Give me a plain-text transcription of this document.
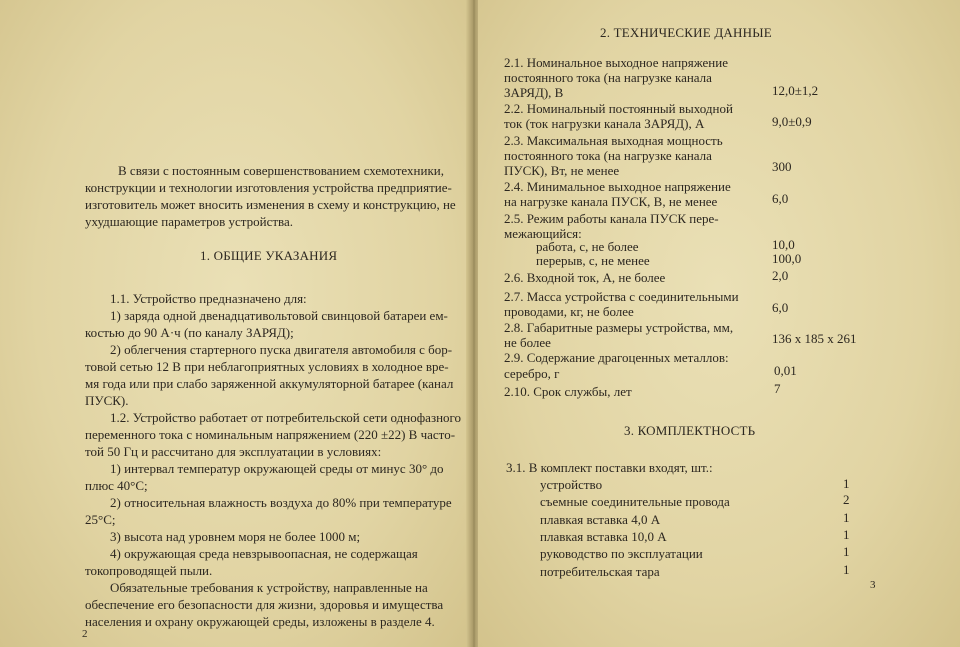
В связи с постоянным совершенствованием схемотехники,
конструкции и технологии изготовления устройства предприятие-
изготовитель может вносить изменения в схему и конструкцию, не
ухудшающие параметров устройства.
1. ОБЩИЕ УКАЗАНИЯ
1.1. Устройство предназначено для:
1) заряда одной двенадцативольтовой свинцовой батареи ем-
костью до 90 А·ч (по каналу ЗАРЯД);
2) облегчения стартерного пуска двигателя автомобиля с бор-
товой сетью 12 В при неблагоприятных условиях в холодное вре-
мя года или при слабо заряженной аккумуляторной батарее (канал
ПУСК).
1.2. Устройство работает от потребительской сети однофазного
переменного тока с номинальным напряжением (220 ±22) В часто-
той 50 Гц и рассчитано для эксплуатации в условиях:
1) интервал температур окружающей среды от минус 30° до
плюс 40°С;
2) относительная влажность воздуха до 80% при температуре
25°С;
3) высота над уровнем моря не более 1000 м;
4) окружающая среда невзрывоопасная, не содержащая
токопроводящей пыли.
Обязательные требования к устройству, направленные на
обеспечение его безопасности для жизни, здоровья и имущества
населения и охрану окружающей среды, изложены в разделе 4.
2
2. ТЕХНИЧЕСКИЕ ДАННЫЕ
2.1. Номинальное выходное напряжение
постоянного тока (на нагрузке канала
ЗАРЯД), В	12,0±1,2
2.2. Номинальный постоянный выходной
ток (ток нагрузки канала ЗАРЯД), А	9,0±0,9
2.3. Максимальная выходная мощность
постоянного тока (на нагрузке канала
ПУСК), Вт, не менее	300
2.4. Минимальное выходное напряжение
на нагрузке канала ПУСК, В, не менее	6,0
2.5. Режим работы канала ПУСК пере-
межающийся:
работа, с, не более	10,0
перерыв, с, не менее	100,0
2.6. Входной ток, А, не более	2,0
2.7. Масса устройства с соединительными
проводами, кг, не более	6,0
2.8. Габаритные размеры устройства, мм,
не более	136 х 185 х 261
2.9. Содержание драгоценных металлов:
серебро, г	0,01
2.10. Срок службы, лет	7
3. КОМПЛЕКТНОСТЬ
3.1. В комплект поставки входят, шт.:
устройство	1
съемные соединительные провода	2
плавкая вставка 4,0 А	1
плавкая вставка 10,0 А	1
руководство по эксплуатации	1
потребительская тара	1
3
